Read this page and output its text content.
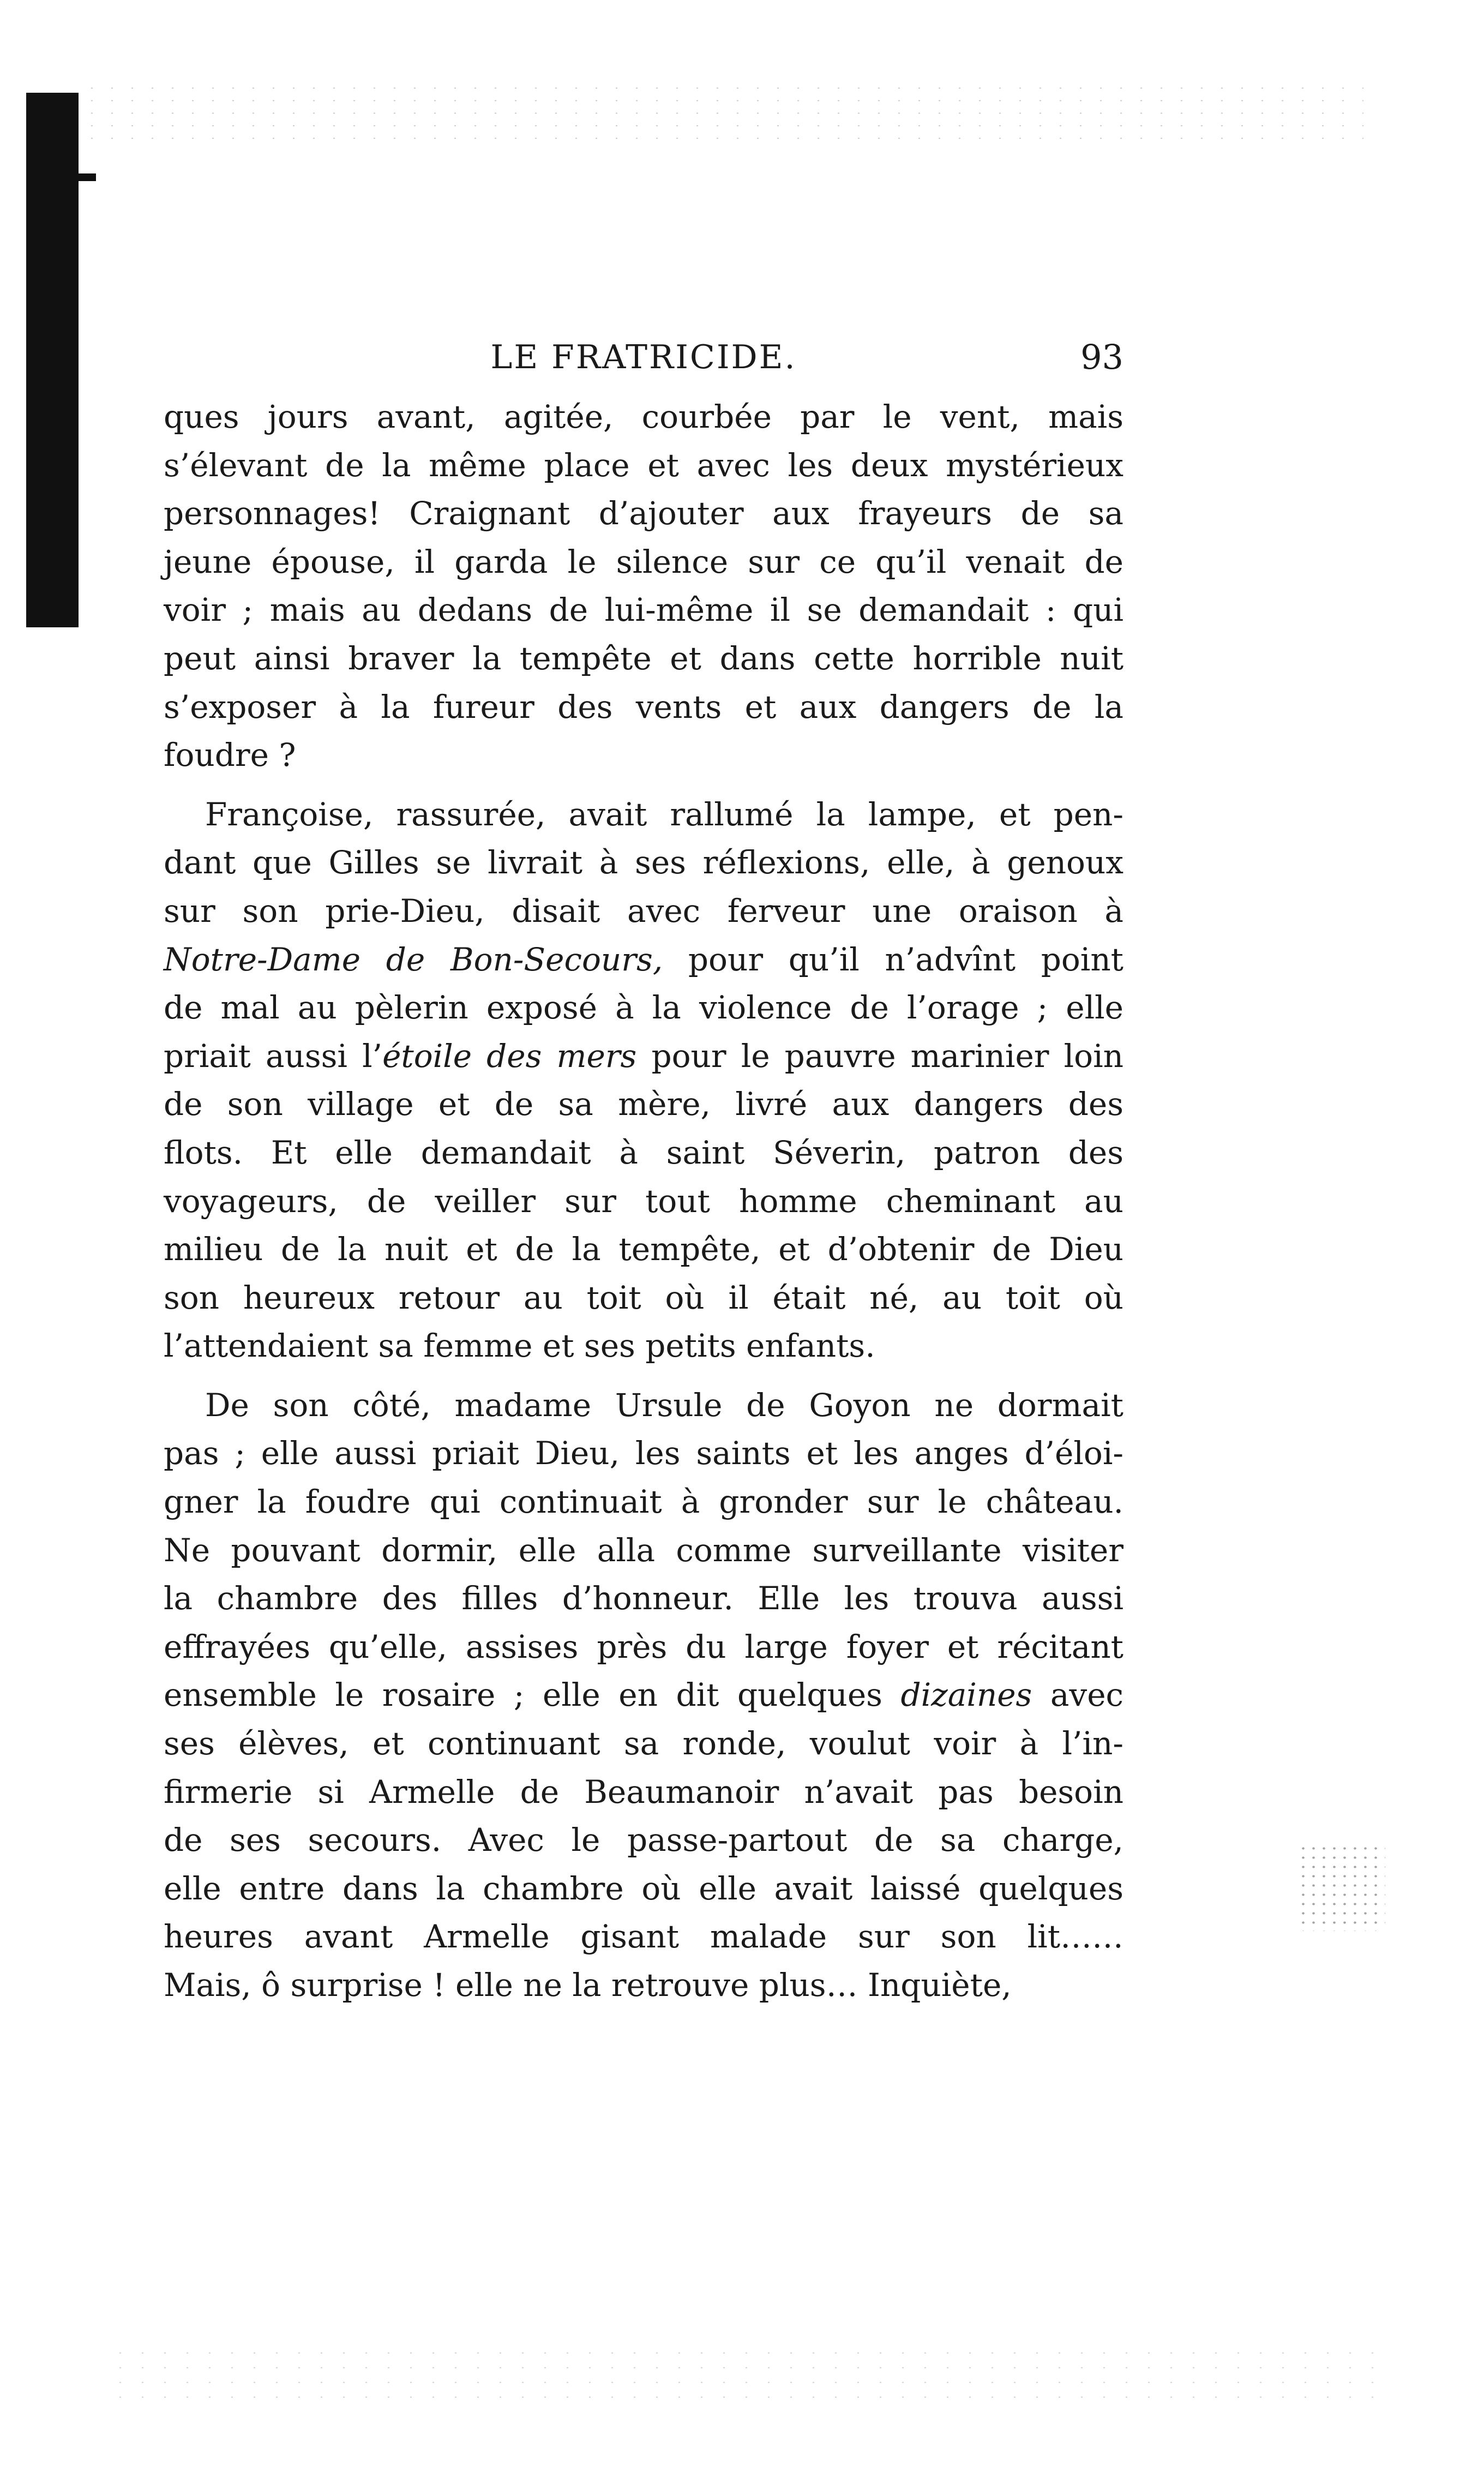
LE FRATRICIDE.	93
ques jours avant, agitée, courbée par le vent, mais
s’élevant de la même place et avec les deux mystérieux
personnages! Craignant d’ajouter aux frayeurs de sa
jeune épouse, il garda le silence sur ce qu’il venait de
voir ; mais au dedans de lui-même il se demandait : qui
peut ainsi braver la tempête et dans cette horrible nuit
s’exposer à la fureur des vents et aux dangers de la
foudre ?
Françoise, rassurée, avait rallumé la lampe, et pen-
dant que Gilles se livrait à ses réflexions, elle, à genoux
sur son prie-Dieu, disait avec ferveur une oraison à
Notre-Dame de Bon-Secours, pour qu’il n’advînt point
de mal au pèlerin exposé à la violence de l’orage ; elle
priait aussi l’étoile des mers pour le pauvre marinier loin
de son village et de sa mère, livré aux dangers des
flots. Et elle demandait à saint Séverin, patron des
voyageurs, de veiller sur tout homme cheminant au
milieu de la nuit et de la tempête, et d’obtenir de Dieu
son heureux retour au toit où il était né, au toit où
l’attendaient sa femme et ses petits enfants.
De son côté, madame Ursule de Goyon ne dormait
pas ; elle aussi priait Dieu, les saints et les anges d’éloi-
gner la foudre qui continuait à gronder sur le château.
Ne pouvant dormir, elle alla comme surveillante visiter
la chambre des filles d’honneur. Elle les trouva aussi
effrayées qu’elle, assises près du large foyer et récitant
ensemble le rosaire ; elle en dit quelques dizaines avec
ses élèves, et continuant sa ronde, voulut voir à l’in-
firmerie si Armelle de Beaumanoir n’avait pas besoin
de ses secours. Avec le passe-partout de sa charge,
elle entre dans la chambre où elle avait laissé quelques
heures avant Armelle gisant malade sur son lit……
Mais, ô surprise ! elle ne la retrouve plus… Inquiète,
